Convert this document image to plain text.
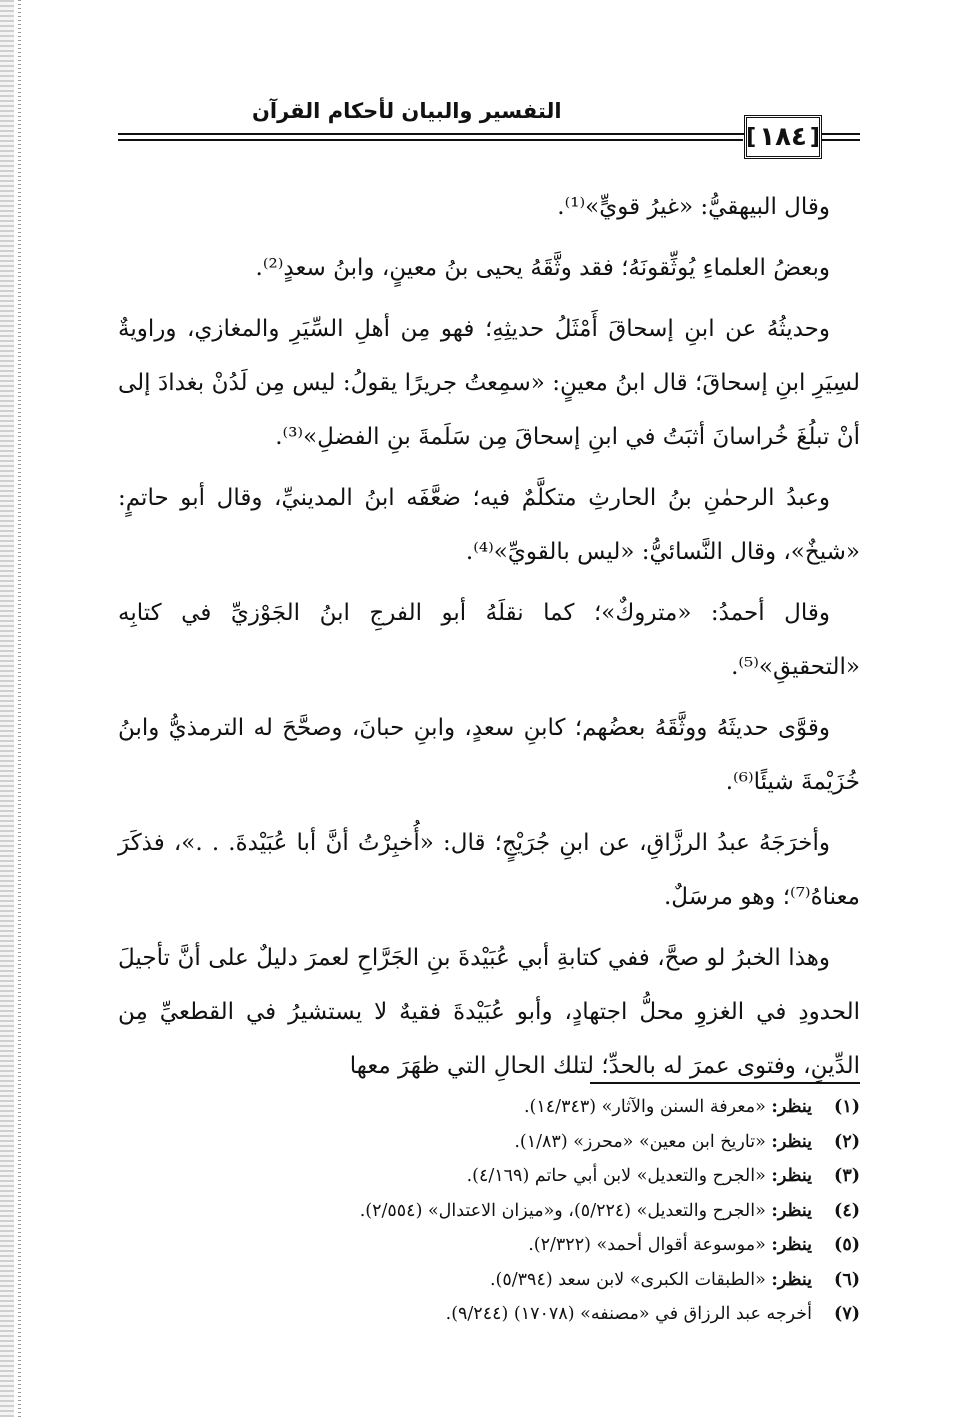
التفسير والبيان لأحكام القرآن
[ ١٨٤ ]

وقال البيهقيُّ: «غيرُ قويٍّ»⁽¹⁾.

وبعضُ العلماءِ يُوثِّقونَهُ؛ فقد وثَّقَهُ يحيى بنُ معينٍ، وابنُ سعدٍ⁽²⁾.

وحديثُهُ عن ابنِ إسحاقَ أَمْثَلُ حديثِهِ؛ فهو مِن أهلِ السِّيَرِ والمغازي، وراويةٌ لسِيَرِ ابنِ إسحاقَ؛ قال ابنُ معينٍ: «سمِعتُ جريرًا يقولُ: ليس مِن لَدُنْ بغدادَ إلى أنْ تبلُغَ خُراسانَ أثبَتُ في ابنِ إسحاقَ مِن سَلَمةَ بنِ الفضلِ»⁽³⁾.

وعبدُ الرحمٰنِ بنُ الحارثِ متكلَّمٌ فيه؛ ضعَّفَه ابنُ المدينيِّ، وقال أبو حاتمٍ: «شيخٌ»، وقال النَّسائيُّ: «ليس بالقويِّ»⁽⁴⁾.

وقال أحمدُ: «متروكٌ»؛ كما نقلَهُ أبو الفرجِ ابنُ الجَوْزيِّ في كتابِه «التحقيقِ»⁽⁵⁾.

وقوَّى حديثَهُ ووثَّقَهُ بعضُهم؛ كابنِ سعدٍ، وابنِ حبانَ، وصحَّحَ له الترمذيُّ وابنُ خُزَيْمةَ شيئًا⁽⁶⁾.

وأخرَجَهُ عبدُ الرزَّاقِ، عن ابنِ جُرَيْجٍ؛ قال: «أُخبِرْتُ أنَّ أبا عُبَيْدةَ. . .»، فذكَرَ معناهُ⁽⁷⁾؛ وهو مرسَلٌ.

وهذا الخبرُ لو صحَّ، ففي كتابةِ أبي عُبَيْدةَ بنِ الجَرَّاحِ لعمرَ دليلٌ على أنَّ تأجيلَ الحدودِ في الغزوِ محلُّ اجتهادٍ، وأبو عُبَيْدةَ فقيهٌ لا يستشيرُ في القطعيِّ مِن الدِّينِ، وفتوى عمرَ له بالحدِّ؛ لتلك الحالِ التي ظهَرَ معها

(١)
ينظر: «معرفة السنن والآثار» (١٤/٣٤٣).
(٢)
ينظر: «تاريخ ابن معين» «محرز» (١/٨٣).
(٣)
ينظر: «الجرح والتعديل» لابن أبي حاتم (٤/١٦٩).
(٤)
ينظر: «الجرح والتعديل» (٥/٢٢٤)، و«ميزان الاعتدال» (٢/٥٥٤).
(٥)
ينظر: «موسوعة أقوال أحمد» (٢/٣٢٢).
(٦)
ينظر: «الطبقات الكبرى» لابن سعد (٥/٣٩٤).
(٧)
أخرجه عبد الرزاق في «مصنفه» (١٧٠٧٨) (٩/٢٤٤).
